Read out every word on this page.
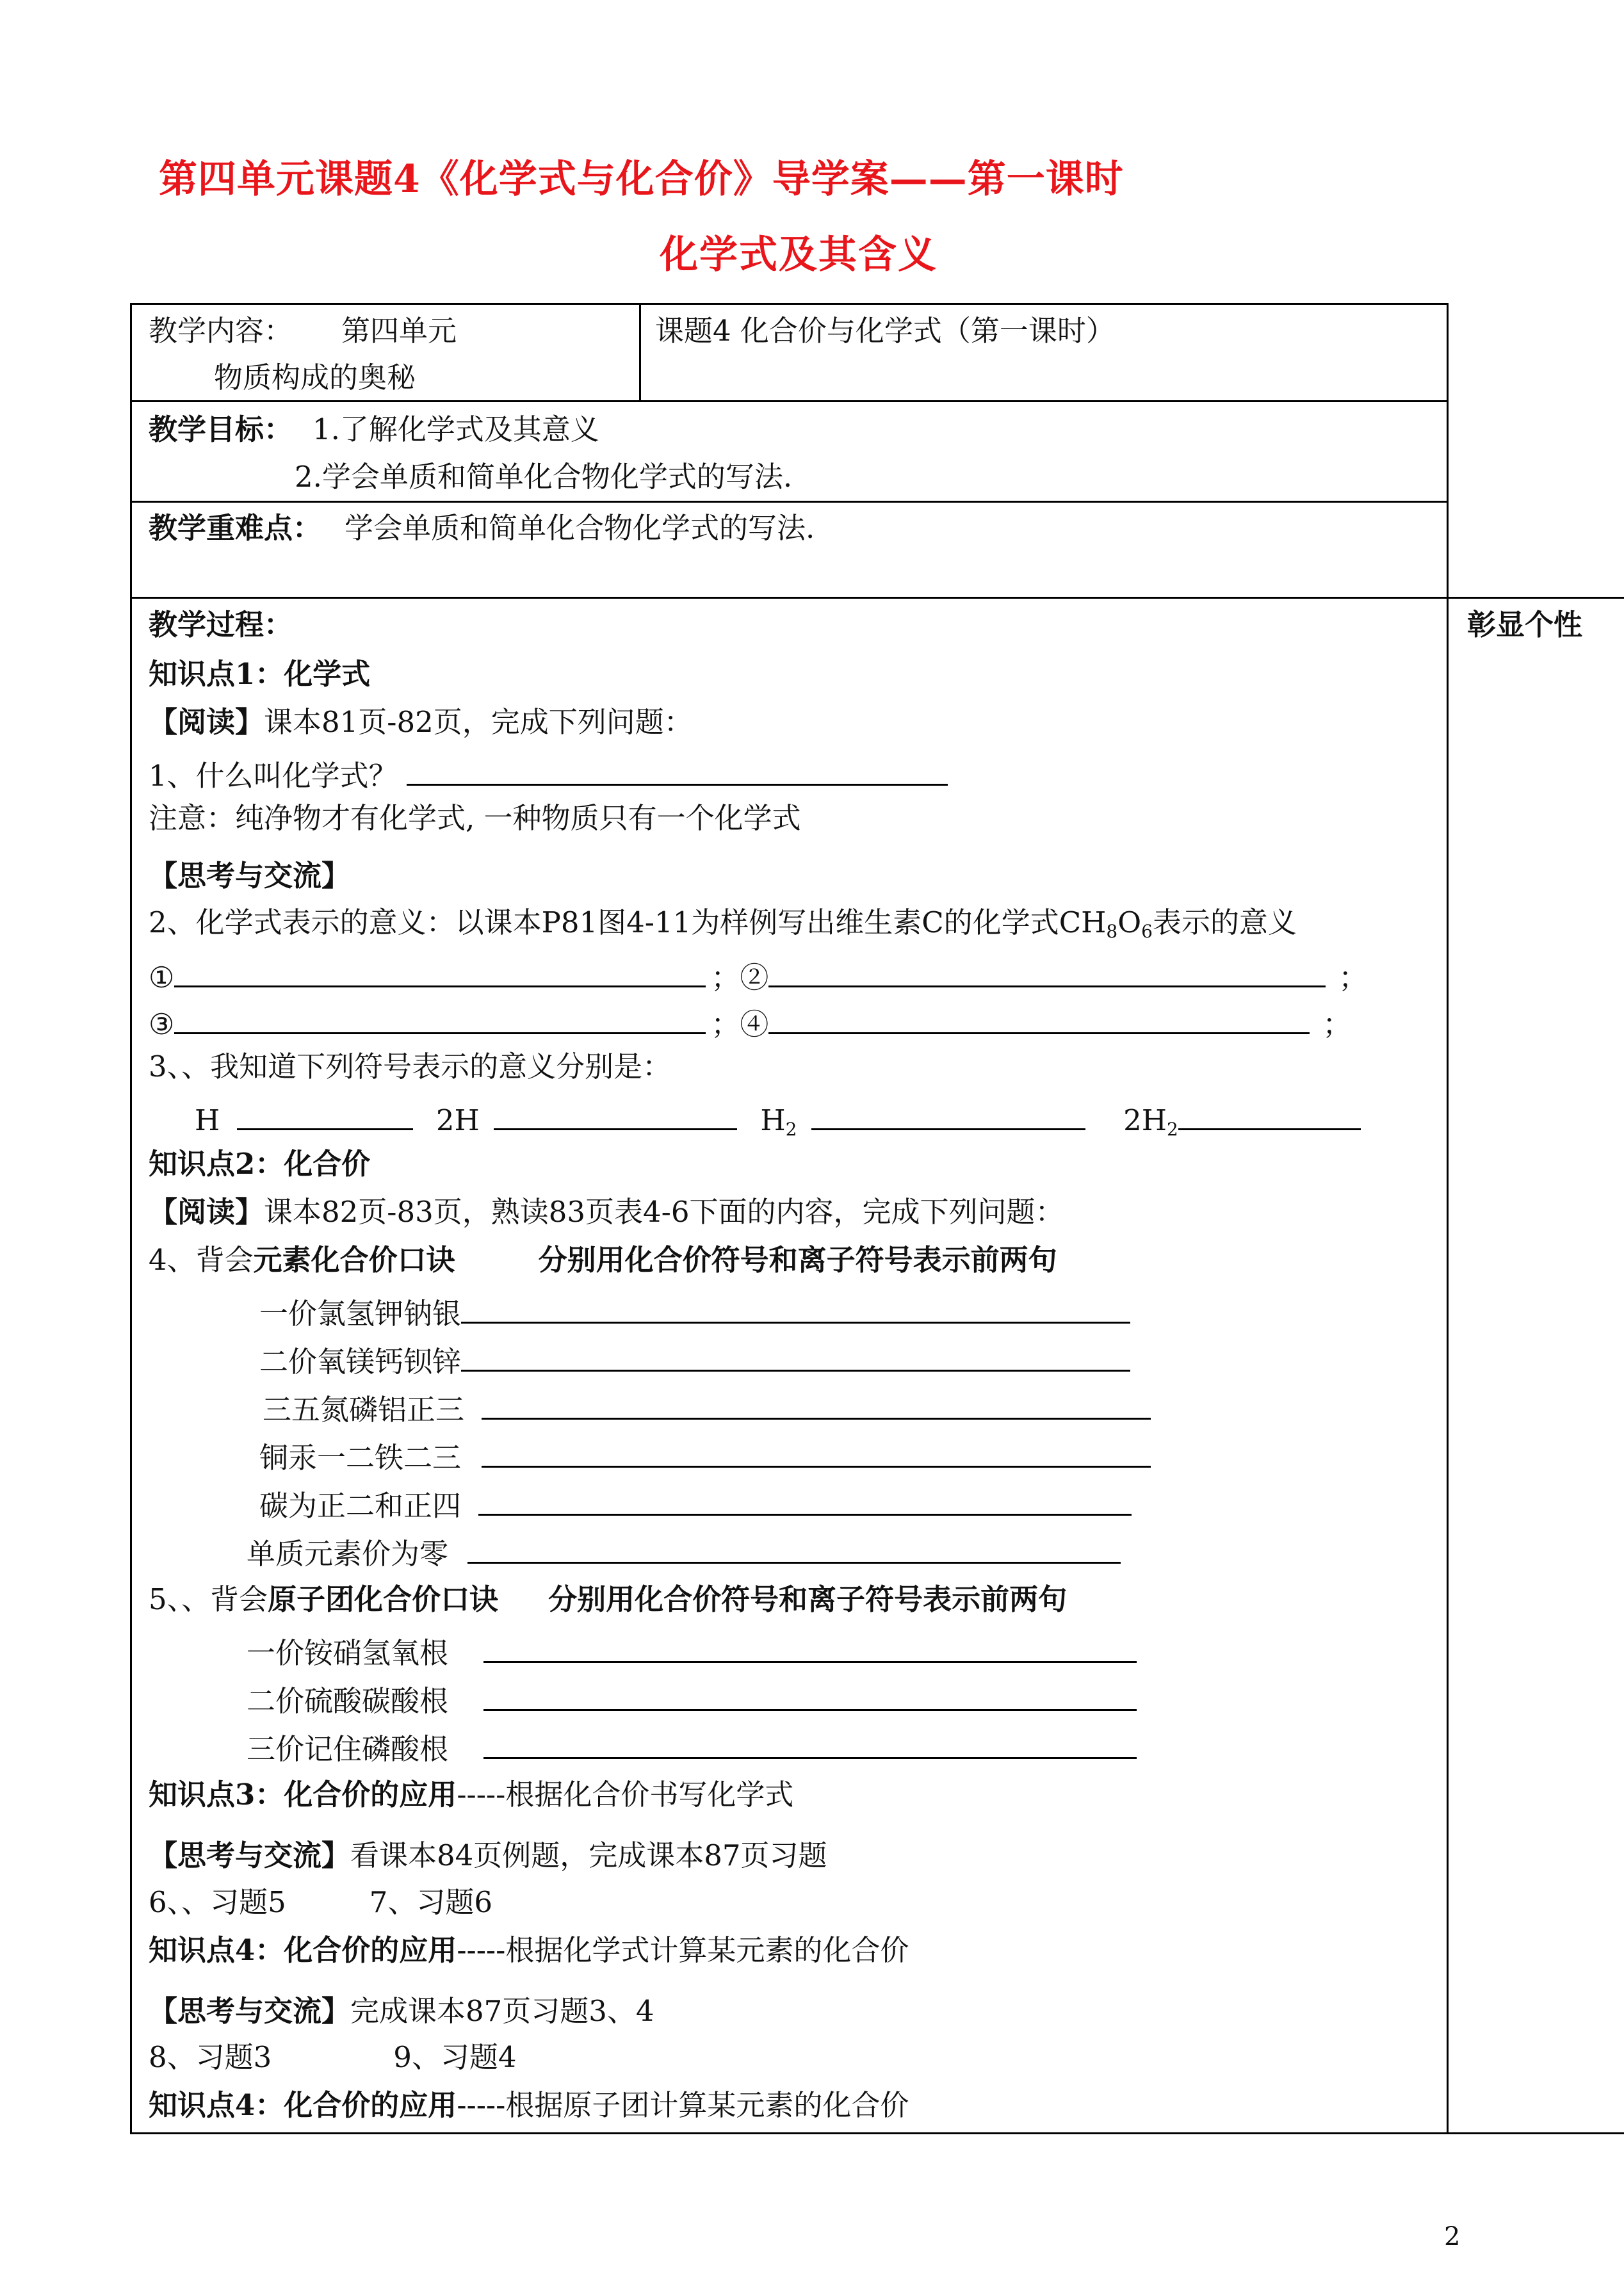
第四单元课题4《化学式与化合价》导学案——第一课时
化学式及其含义
教学内容： 第四单元
物质构成的奥秘
课题4 化合价与化学式（第一课时）
教学目标： 1.了解化学式及其意义
2.学会单质和简单化合物化学式的写法.
教学重难点： 学会单质和简单化合物化学式的写法.
教学过程：	彰显个性
知识点1：化学式
【阅读】课本81页-82页，完成下列问题：
1、什么叫化学式？
注意：纯净物才有化学式, 一种物质只有一个化学式
【思考与交流】
2、化学式表示的意义：以课本P81图4-11为样例写出维生素C的化学式$CH_8O_6$表示的意义
①	；②	；
③	；④	；
3、、我知道下列符号表示的意义分别是：
H	2H	$H_2$	$2H_2$
知识点2：化合价
【阅读】课本82页-83页，熟读83页表4-6下面的内容，完成下列问题：
4、背会元素化合价口诀	分别用化合价符号和离子符号表示前两句
一价氯氢钾钠银
二价氧镁钙钡锌
三五氮磷铝正三
铜汞一二铁二三
碳为正二和正四
单质元素价为零
5、、背会原子团化合价口诀 分别用化合价符号和离子符号表示前两句
一价铵硝氢氧根
二价硫酸碳酸根
三价记住磷酸根
知识点3：化合价的应用-----根据化合价书写化学式
【思考与交流】看课本84页例题，完成课本87页习题
6、、习题5	7、习题6
知识点4：化合价的应用-----根据化学式计算某元素的化合价
【思考与交流】完成课本87页习题3、4
8、习题3	9、习题4
知识点4：化合价的应用-----根据原子团计算某元素的化合价
2
